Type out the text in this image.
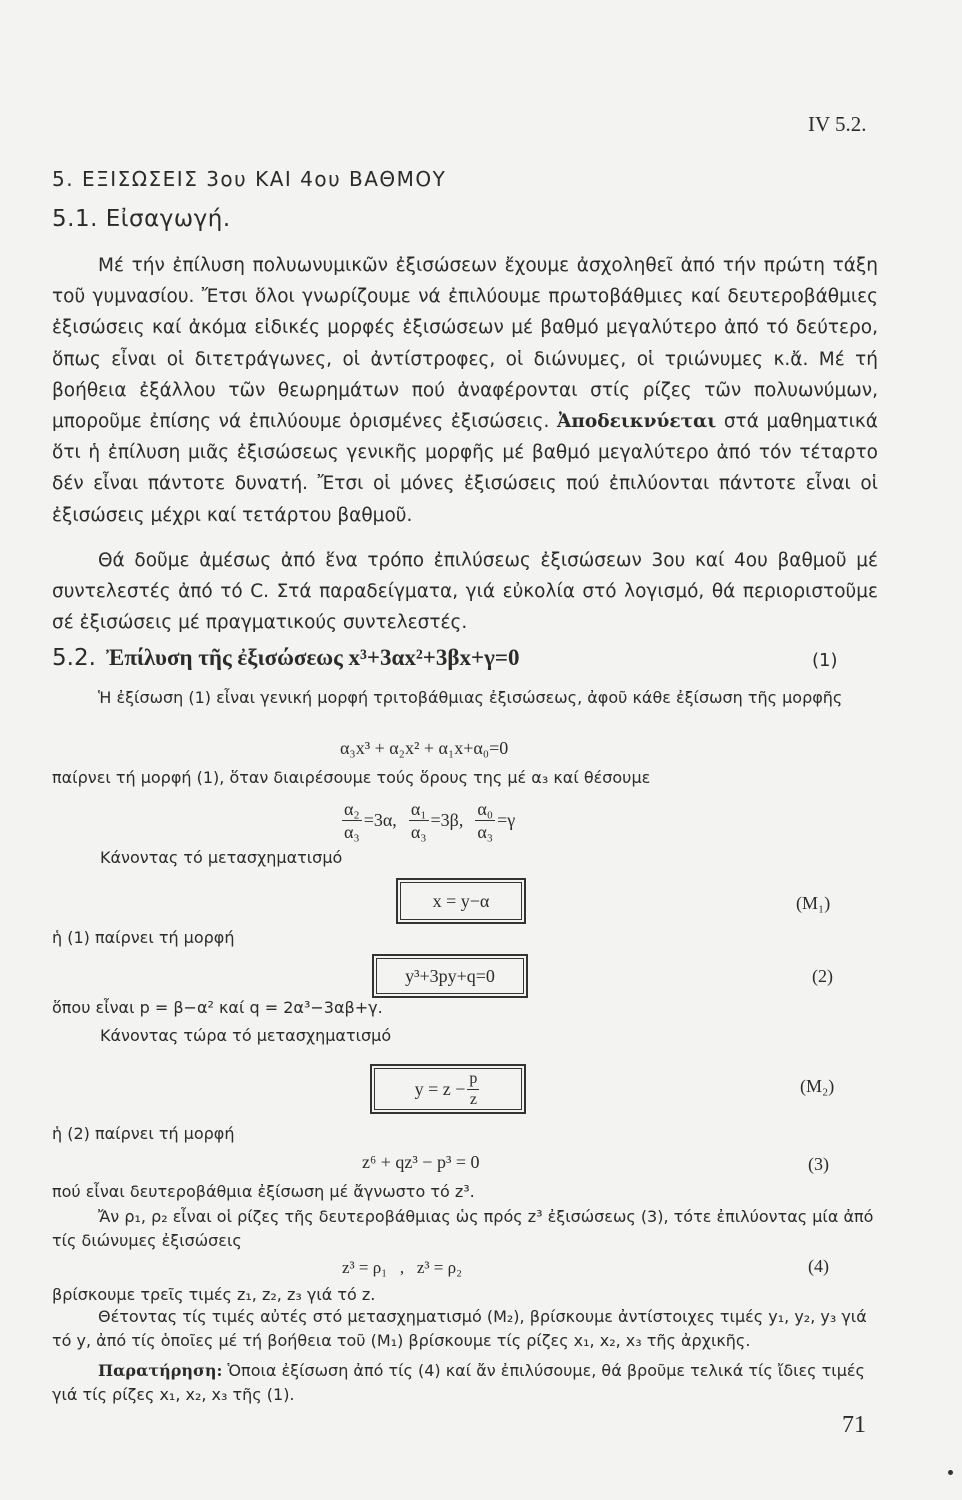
IV 5.2.
5. ΕΞΙΣΩΣΕΙΣ 3ου ΚΑΙ 4ου ΒΑΘΜΟΥ
5.1. Εἰσαγωγή.

Μέ τήν ἐπίλυση πολυωνυμικῶν ἐξισώσεων ἔχουμε ἀσχοληθεῖ ἀπό τήν πρώτη τάξη τοῦ γυμνασίου. Ἔτσι ὅλοι γνωρίζουμε νά ἐπιλύουμε πρωτοβάθμιες καί δευτεροβάθμιες ἐξισώσεις καί ἀκόμα εἰδικές μορφές ἐξισώσεων μέ βαθμό μεγαλύτερο ἀπό τό δεύτερο, ὅπως εἶναι οἱ διτετράγωνες, οἱ ἀντίστροφες, οἱ διώνυμες, οἱ τριώνυμες κ.ἄ. Μέ τή βοήθεια ἐξάλλου τῶν θεωρημάτων πού ἀναφέρονται στίς ρίζες τῶν πολυωνύμων, μποροῦμε ἐπίσης νά ἐπιλύουμε ὁρισμένες ἐξισώσεις. Ἀποδεικνύεται στά μαθηματικά ὅτι ἡ ἐπίλυση μιᾶς ἐξισώσεως γενικῆς μορφῆς μέ βαθμό μεγαλύτερο ἀπό τόν τέταρτο δέν εἶναι πάντοτε δυνατή. Ἔτσι οἱ μόνες ἐξισώσεις πού ἐπιλύονται πάντοτε εἶναι οἱ ἐξισώσεις μέχρι καί τετάρτου βαθμοῦ.

Θά δοῦμε ἀμέσως ἀπό ἕνα τρόπο ἐπιλύσεως ἐξισώσεων 3ου καί 4ου βαθμοῦ μέ συντελεστές ἀπό τό C. Στά παραδείγματα, γιά εὐκολία στό λογισμό, θά περιοριστοῦμε σέ ἐξισώσεις μέ πραγματικούς συντελεστές.

5.2. Ἐπίλυση τῆς ἐξισώσεως x³+3αx²+3βx+γ=0	(1)
Ἡ ἐξίσωση (1) εἶναι γενική μορφή τριτοβάθμιας ἐξισώσεως, ἀφοῦ κάθε ἐξίσωση τῆς μορφῆς
α₃x³ + α₂x² + α₁x+α₀=0
παίρνει τή μορφή (1), ὅταν διαιρέσουμε τούς ὅρους της μέ α₃ καί θέσουμε
$\frac{\text{α₂}}{\text{α₃}} =3\alpha$, $\frac{\text{α₁}}{\text{α₃}} =3\beta$, $\frac{\text{α₀}}{\text{α₃}} =\gamma$
Κάνοντας τό μετασχηματισμό
x = y−α	(M₁)
ἡ (1) παίρνει τή μορφή
y³+3py+q=0	(2)
ὅπου εἶναι p = β−α² καί q = 2α³−3αβ+γ.
Κάνοντας τώρα τό μετασχηματισμό
$y = z - \frac{p}{z}$	(M₂)
ἡ (2) παίρνει τή μορφή
z⁶ + qz³ − p³ = 0	(3)
πού εἶναι δευτεροβάθμια ἐξίσωση μέ ἄγνωστο τό z³.
Ἄν ρ₁, ρ₂ εἶναι οἱ ρίζες τῆς δευτεροβάθμιας ὡς πρός z³ ἐξισώσεως (3), τότε ἐπιλύοντας μία ἀπό τίς διώνυμες ἐξισώσεις
z³ = ρ₁   ,   z³ = ρ₂	(4)
βρίσκουμε τρεῖς τιμές z₁, z₂, z₃ γιά τό z.
Θέτοντας τίς τιμές αὐτές στό μετασχηματισμό (M₂), βρίσκουμε ἀντίστοιχες τιμές y₁, y₂, y₃ γιά τό y, ἀπό τίς ὁποῖες μέ τή βοήθεια τοῦ (M₁) βρίσκουμε τίς ρίζες x₁, x₂, x₃ τῆς ἀρχικῆς.
Παρατήρηση: Ὁποια ἐξίσωση ἀπό τίς (4) καί ἄν ἐπιλύσουμε, θά βροῦμε τελικά τίς ἴδιες τιμές γιά τίς ρίζες x₁, x₂, x₃ τῆς (1).
71
